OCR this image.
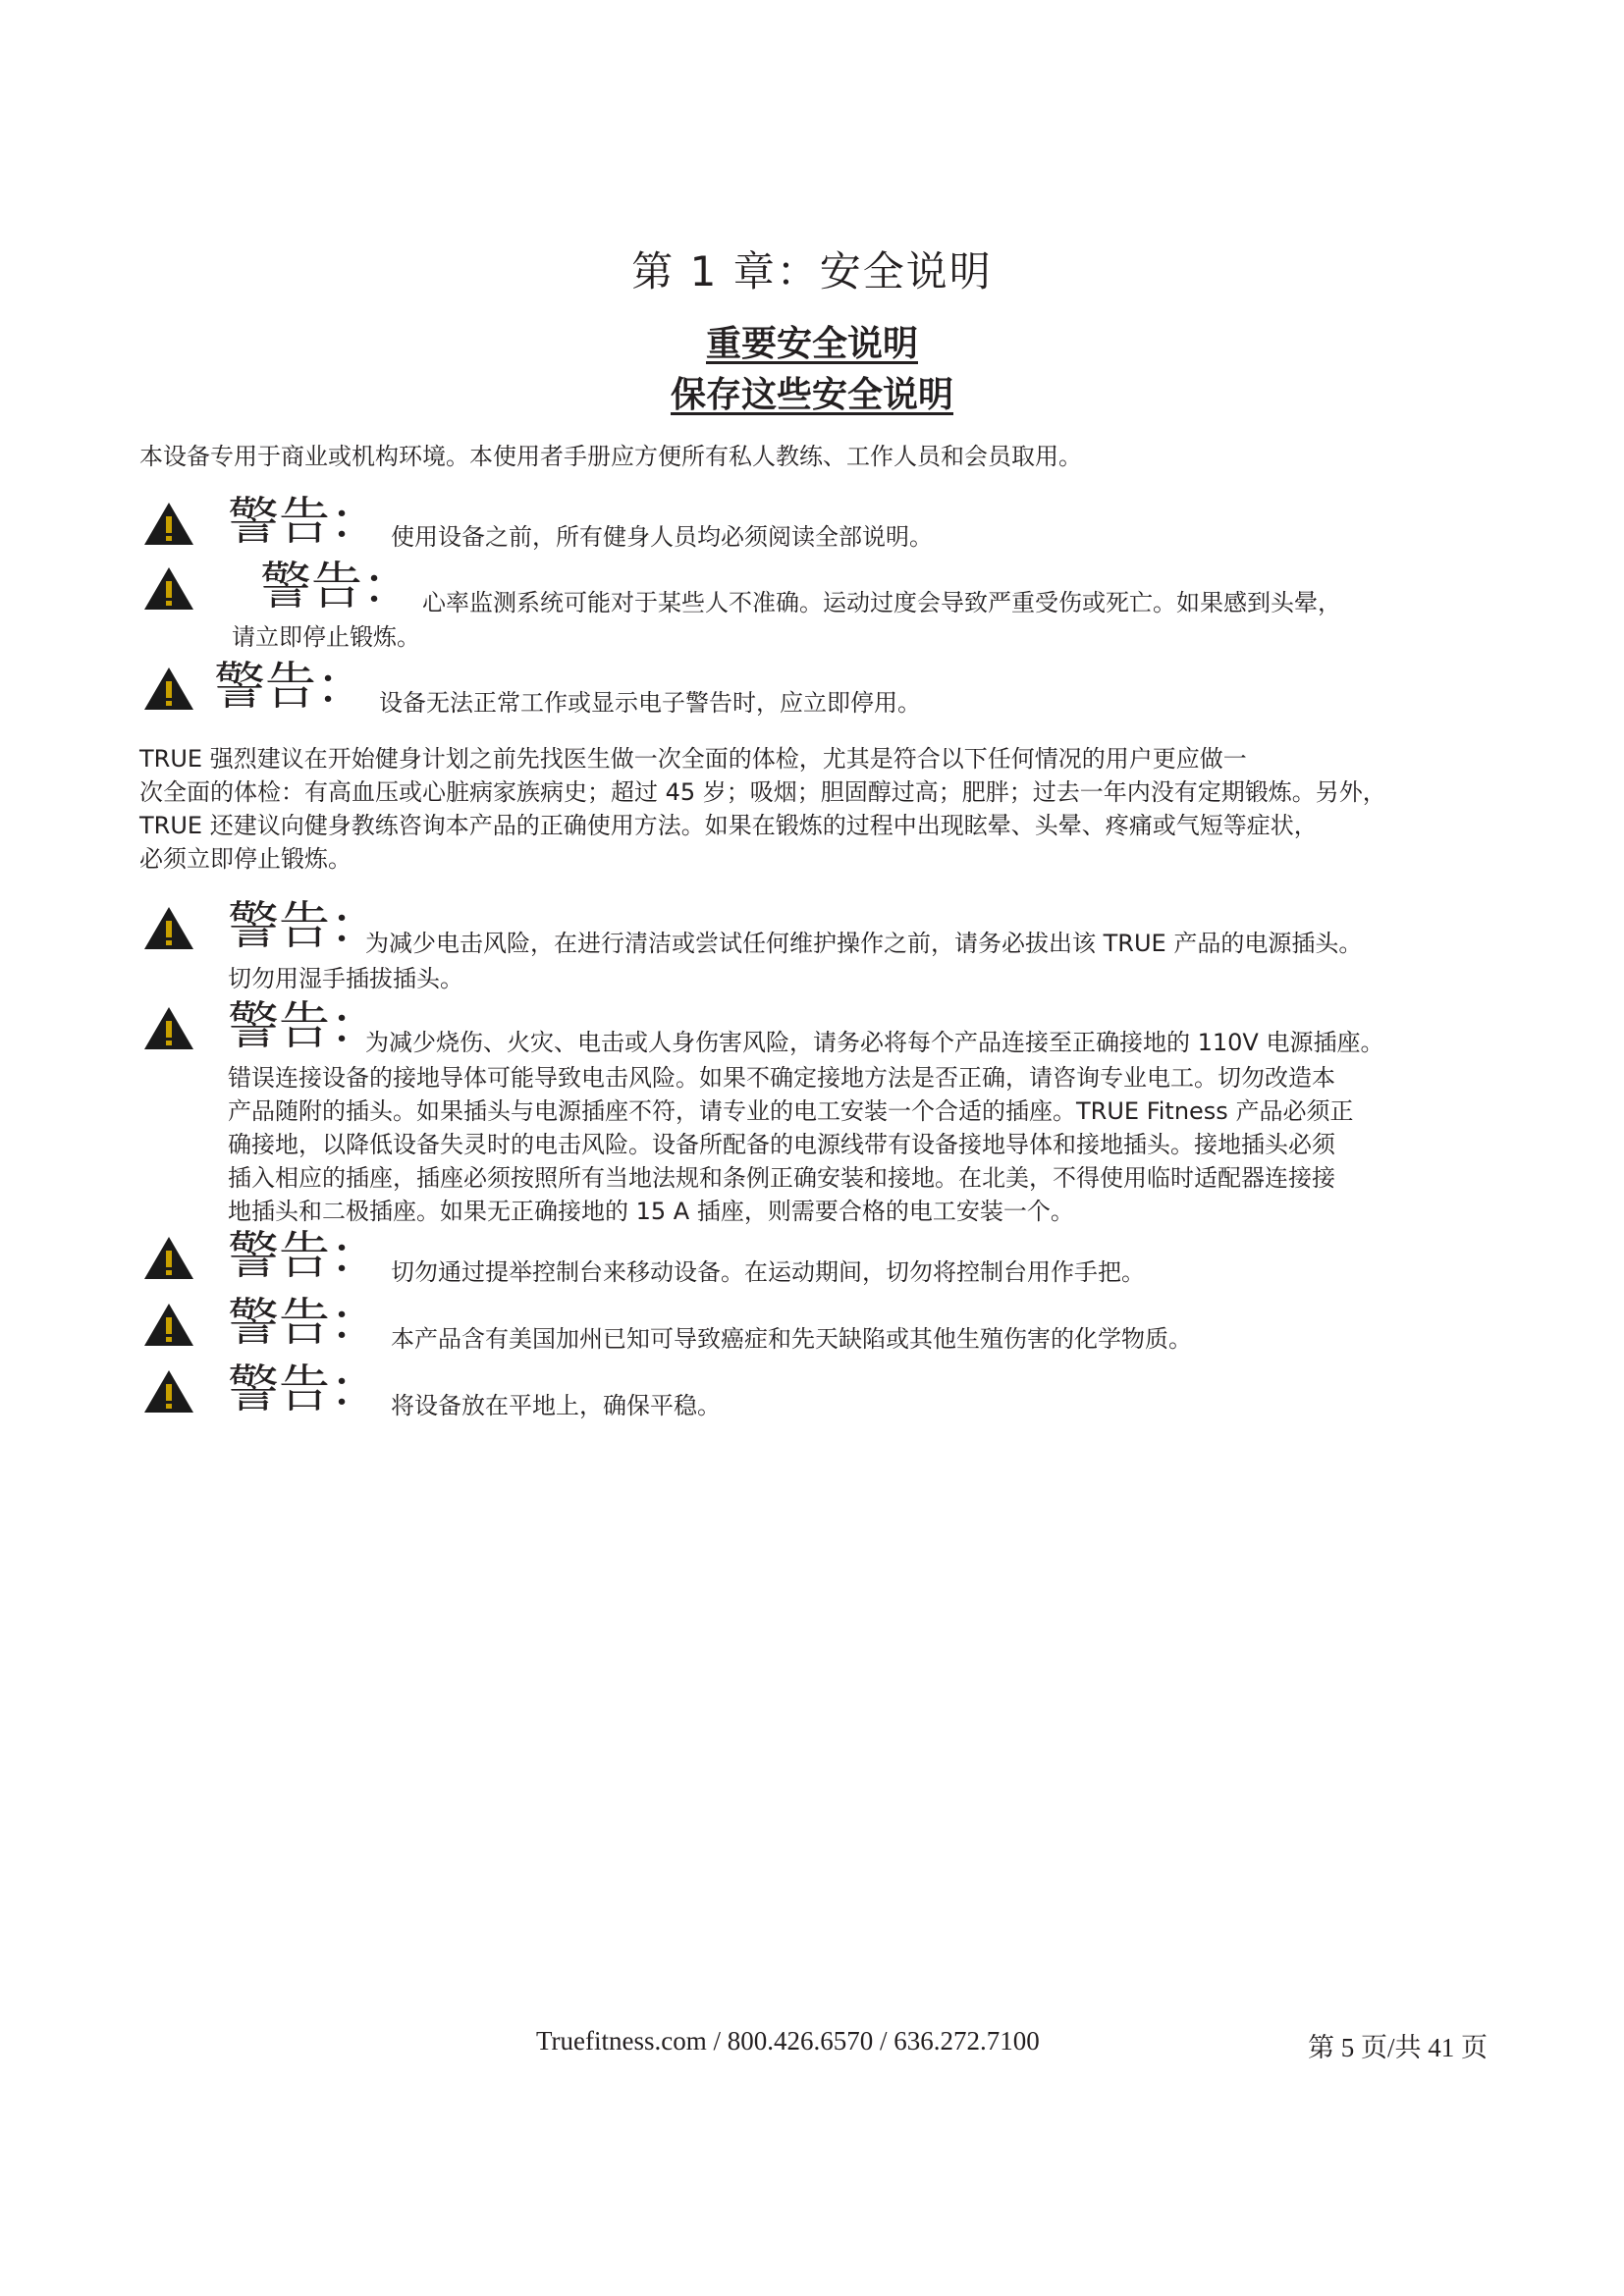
第 1 章：安全说明
重要安全说明
保存这些安全说明
本设备专用于商业或机构环境。本使用者手册应方便所有私人教练、工作人员和会员取用。
警告： 使用设备之前，所有健身人员均必须阅读全部说明。
警告： 心率监测系统可能对于某些人不准确。运动过度会导致严重受伤或死亡。如果感到头晕，
请立即停止锻炼。
警告： 设备无法正常工作或显示电子警告时，应立即停用。
TRUE 强烈建议在开始健身计划之前先找医生做一次全面的体检，尤其是符合以下任何情况的用户更应做一
次全面的体检：有高血压或心脏病家族病史；超过 45 岁；吸烟；胆固醇过高；肥胖；过去一年内没有定期锻炼。另外，
TRUE 还建议向健身教练咨询本产品的正确使用方法。如果在锻炼的过程中出现眩晕、头晕、疼痛或气短等症状，
必须立即停止锻炼。
警告：
为减少电击风险，在进行清洁或尝试任何维护操作之前，请务必拔出该 TRUE 产品的电源插头。
切勿用湿手插拔插头。
警告：
为减少烧伤、火灾、电击或人身伤害风险，请务必将每个产品连接至正确接地的 110V 电源插座。
错误连接设备的接地导体可能导致电击风险。如果不确定接地方法是否正确，请咨询专业电工。切勿改造本
产品随附的插头。如果插头与电源插座不符，请专业的电工安装一个合适的插座。TRUE Fitness 产品必须正
确接地，以降低设备失灵时的电击风险。设备所配备的电源线带有设备接地导体和接地插头。接地插头必须
插入相应的插座，插座必须按照所有当地法规和条例正确安装和接地。在北美，不得使用临时适配器连接接
地插头和二极插座。如果无正确接地的 15 A 插座，则需要合格的电工安装一个。
警告： 切勿通过提举控制台来移动设备。在运动期间，切勿将控制台用作手把。
警告： 本产品含有美国加州已知可导致癌症和先天缺陷或其他生殖伤害的化学物质。
警告： 将设备放在平地上，确保平稳。
Truefitness.com / 800.426.6570 / 636.272.7100	第 5 页/共 41 页
